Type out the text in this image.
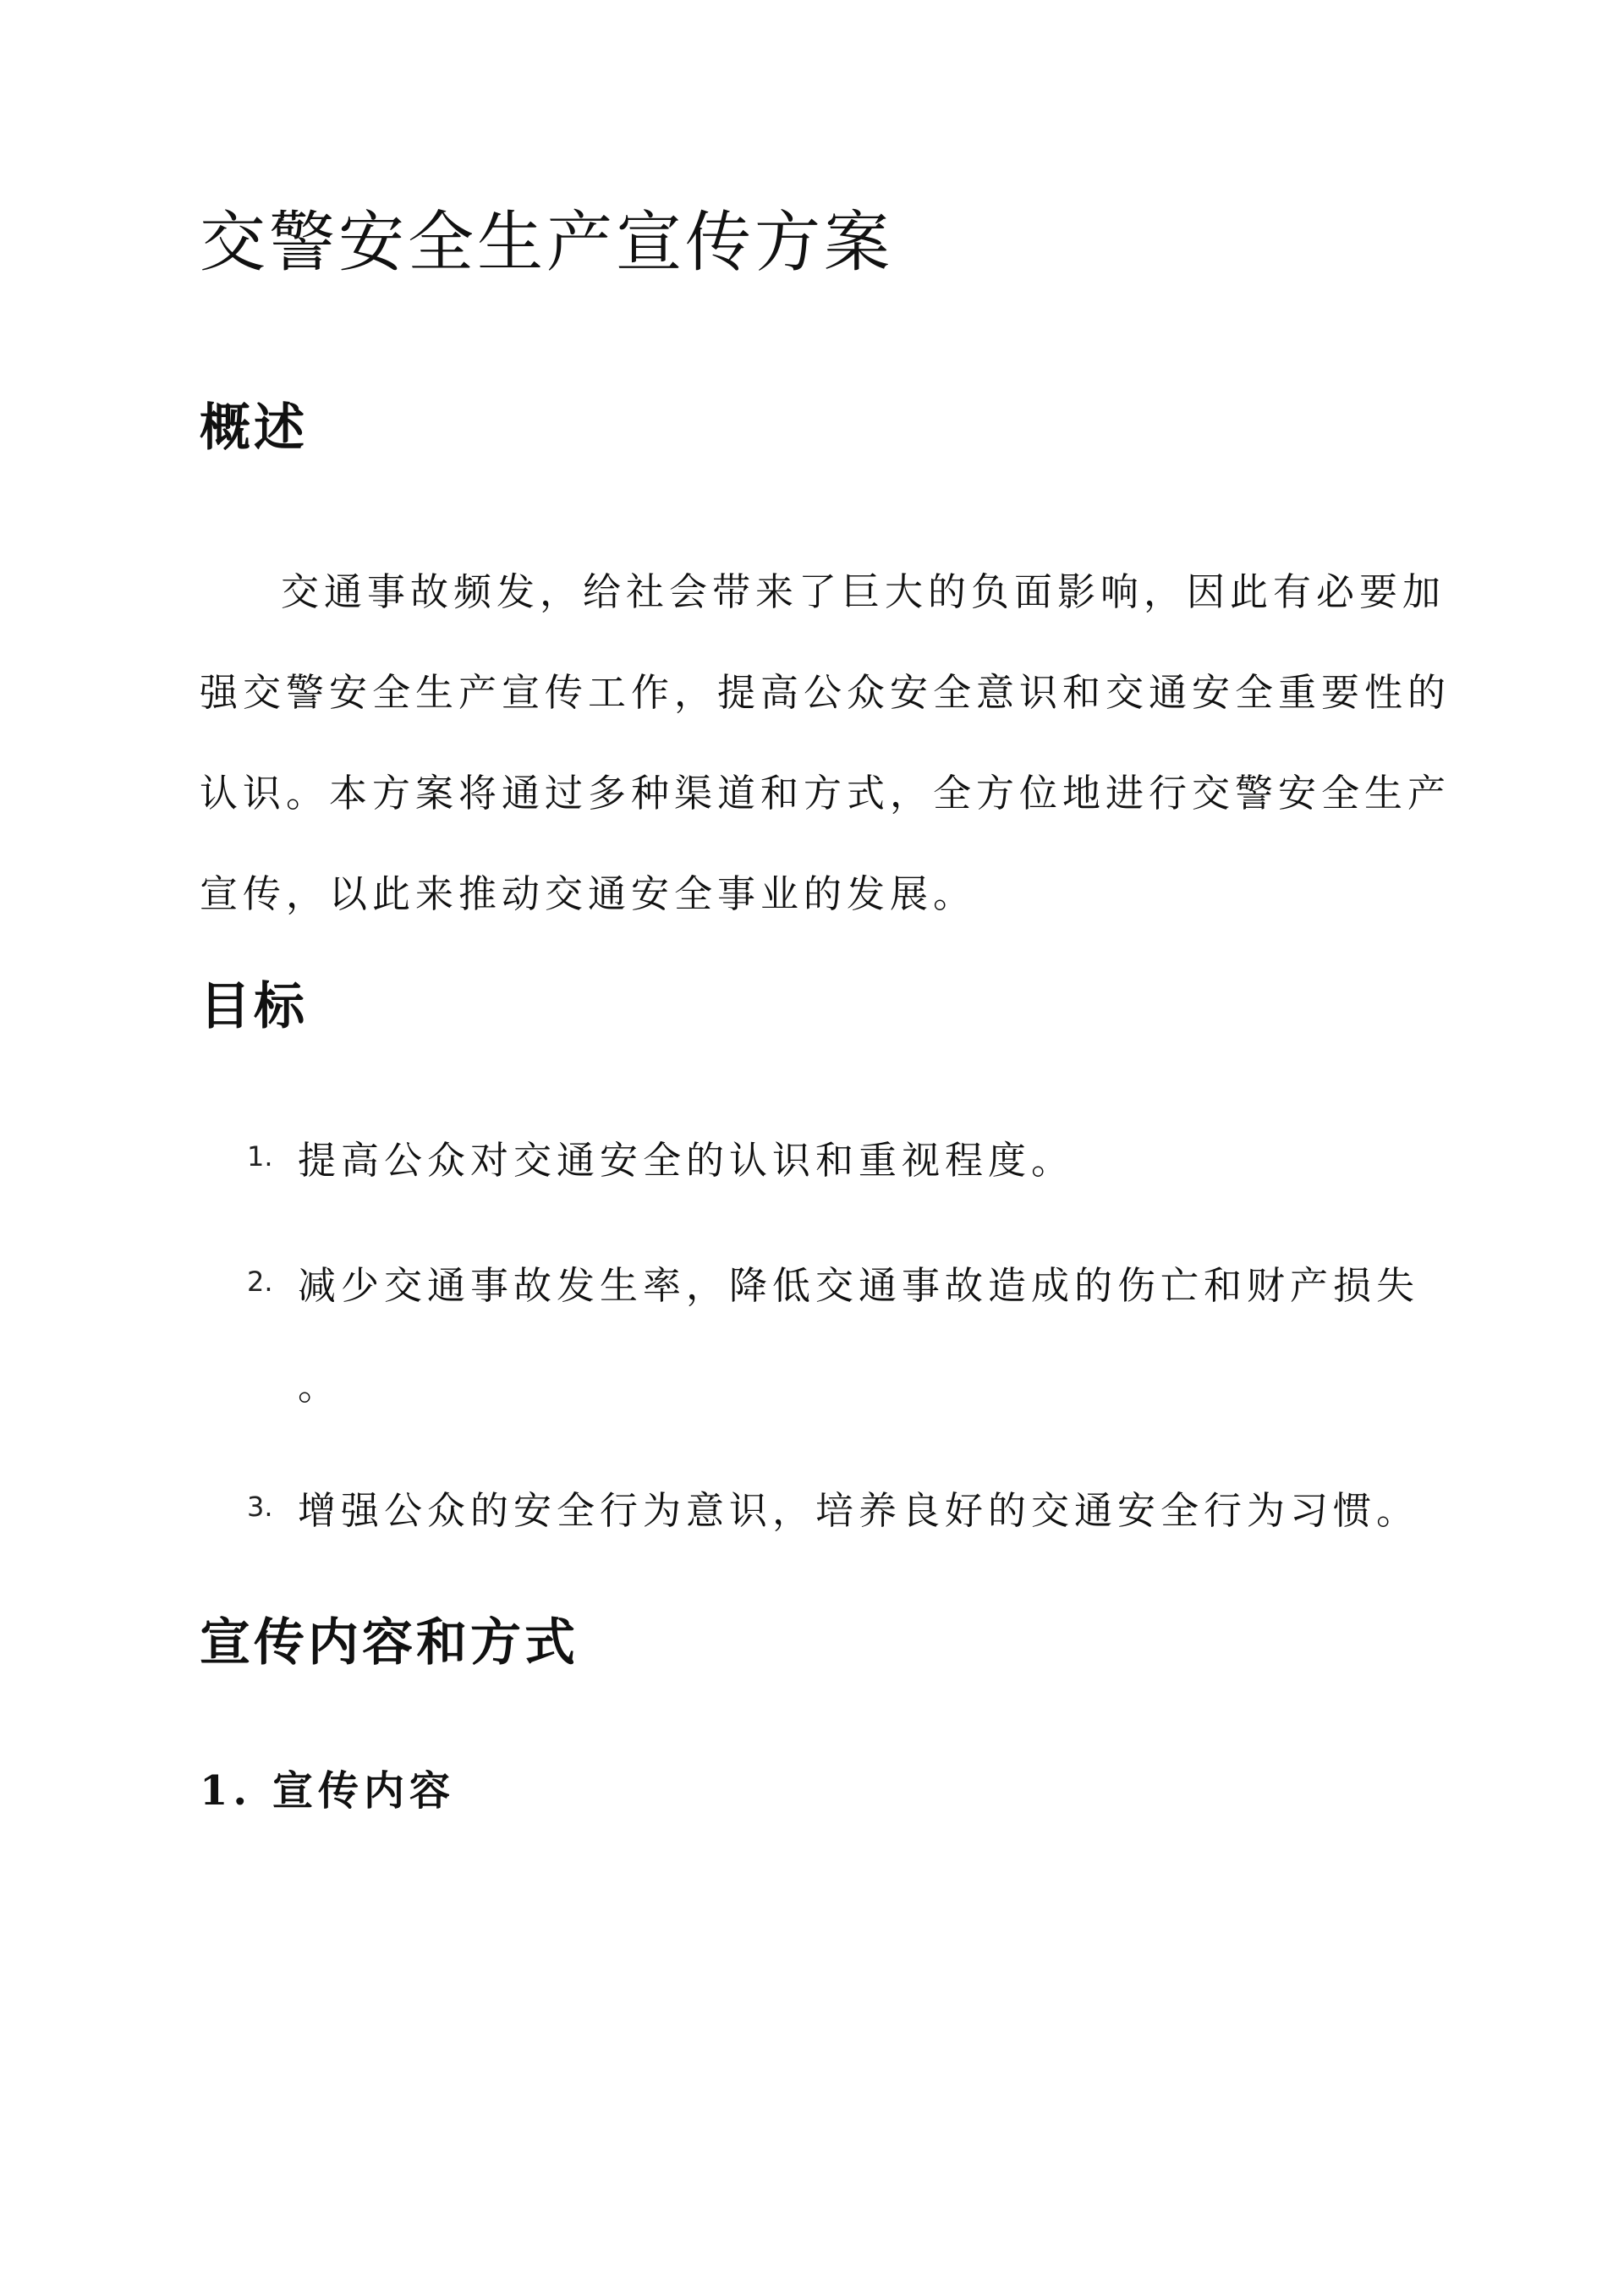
交警安全生产宣传方案
概述

交通事故频发，给社会带来了巨大的负面影响，因此有必要加
强交警安全生产宣传工作，提高公众安全意识和交通安全重要性的
认识。本方案将通过多种渠道和方式，全方位地进行交警安全生产
宣传，以此来推动交通安全事业的发展。

目标
1. 提高公众对交通安全的认识和重视程度。
2. 减少交通事故发生率，降低交通事故造成的伤亡和财产损失
。
3. 增强公众的安全行为意识，培养良好的交通安全行为习惯。
宣传内容和方式
1. 宣传内容
